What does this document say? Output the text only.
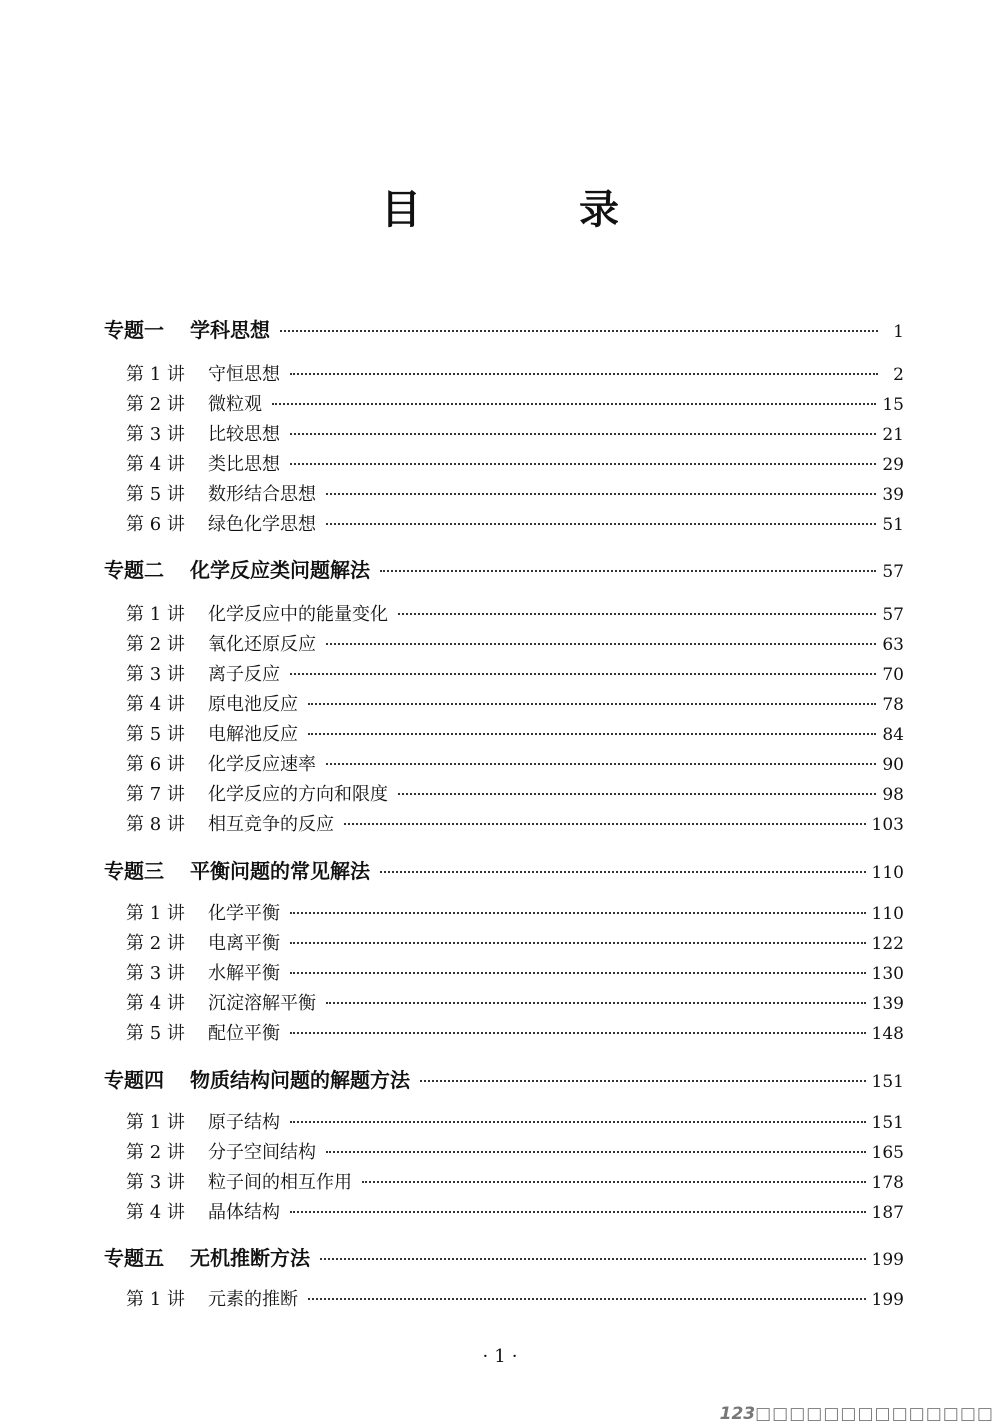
目 录
专题一	学科思想	1
第 1 讲	守恒思想	2
第 2 讲	微粒观	15
第 3 讲	比较思想	21
第 4 讲	类比思想	29
第 5 讲	数形结合思想	39
第 6 讲	绿色化学思想	51
专题二	化学反应类问题解法	57
第 1 讲	化学反应中的能量变化	57
第 2 讲	氧化还原反应	63
第 3 讲	离子反应	70
第 4 讲	原电池反应	78
第 5 讲	电解池反应	84
第 6 讲	化学反应速率	90
第 7 讲	化学反应的方向和限度	98
第 8 讲	相互竞争的反应	103
专题三	平衡问题的常见解法	110
第 1 讲	化学平衡	110
第 2 讲	电离平衡	122
第 3 讲	水解平衡	130
第 4 讲	沉淀溶解平衡	139
第 5 讲	配位平衡	148
专题四	物质结构问题的解题方法	151
第 1 讲	原子结构	151
第 2 讲	分子空间结构	165
第 3 讲	粒子间的相互作用	178
第 4 讲	晶体结构	187
专题五	无机推断方法	199
第 1 讲	元素的推断	199
· 1 ·
123□□□□□□□□□□□□□□
